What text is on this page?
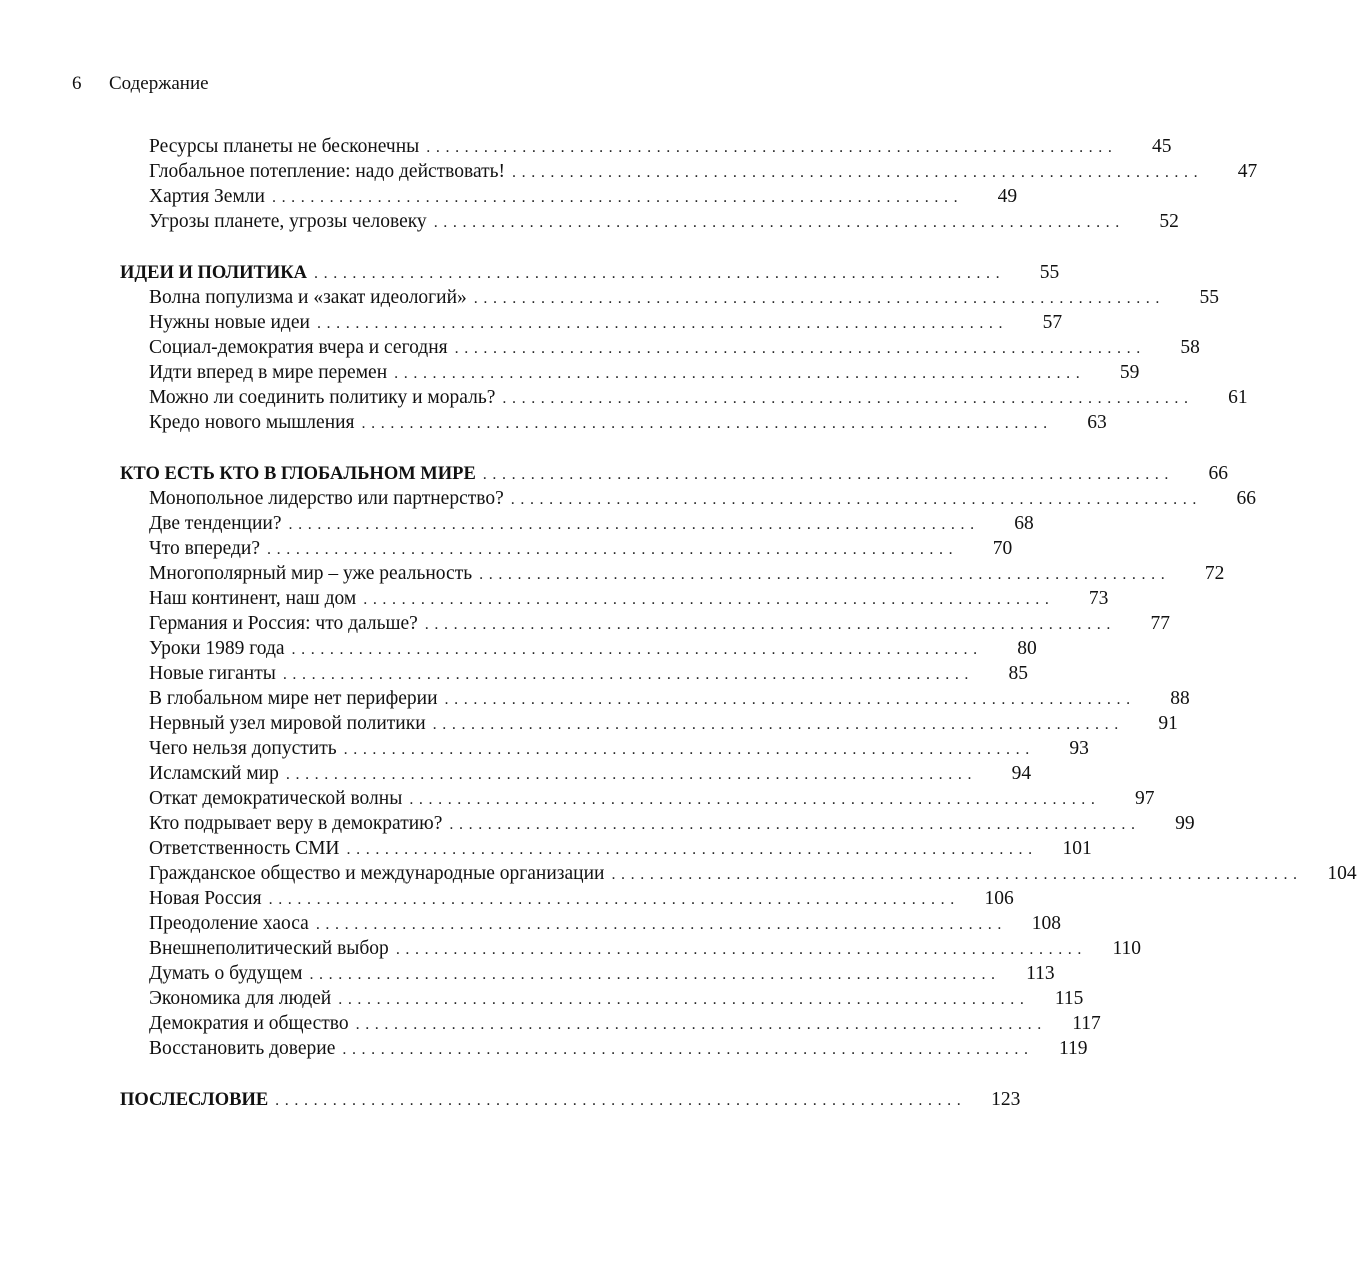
6 Содержание
Ресурсы планеты не бесконечны ........................................................................	45
Глобальное потепление: надо действовать! ........................................................................	47
Хартия Земли ........................................................................	49
Угрозы планете, угрозы человеку ........................................................................	52
ИДЕИ И ПОЛИТИКА ........................................................................	55
Волна популизма и «закат идеологий» ........................................................................	55
Нужны новые идеи ........................................................................	57
Социал-демократия вчера и сегодня ........................................................................	58
Идти вперед в мире перемен ........................................................................	59
Можно ли соединить политику и мораль? ........................................................................	61
Кредо нового мышления ........................................................................	63
КТО ЕСТЬ КТО В ГЛОБАЛЬНОМ МИРЕ ........................................................................	66
Монопольное лидерство или партнерство? ........................................................................	66
Две тенденции? ........................................................................	68
Что впереди? ........................................................................	70
Многополярный мир – уже реальность ........................................................................	72
Наш континент, наш дом ........................................................................	73
Германия и Россия: что дальше? ........................................................................	77
Уроки 1989 года ........................................................................	80
Новые гиганты ........................................................................	85
В глобальном мире нет периферии ........................................................................	88
Нервный узел мировой политики ........................................................................	91
Чего нельзя допустить ........................................................................	93
Исламский мир ........................................................................	94
Откат демократической волны ........................................................................	97
Кто подрывает веру в демократию? ........................................................................	99
Ответственность СМИ ........................................................................	101
Гражданское общество и международные организации ........................................................................	104
Новая Россия ........................................................................	106
Преодоление хаоса ........................................................................	108
Внешнеполитический выбор ........................................................................	110
Думать о будущем ........................................................................	113
Экономика для людей ........................................................................	115
Демократия и общество ........................................................................	117
Восстановить доверие ........................................................................	119
ПОСЛЕСЛОВИЕ ........................................................................	123
